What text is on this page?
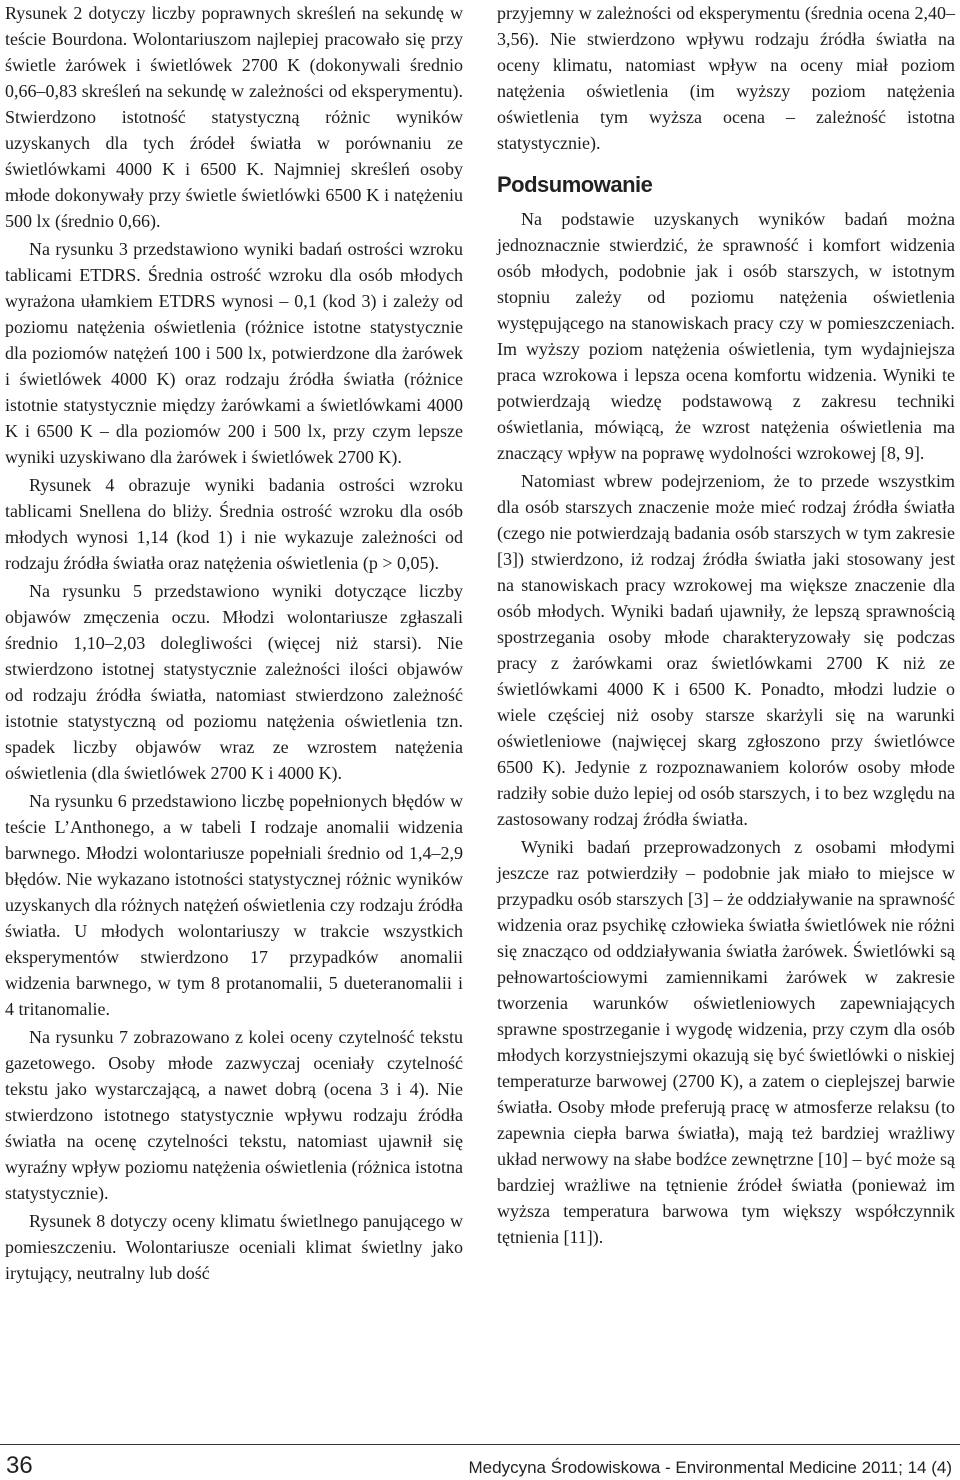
Rysunek 2 dotyczy liczby poprawnych skreśleń na sekundę w teście Bourdona. Wolontariuszom najlepiej pracowało się przy świetle żarówek i świetlówek 2700 K (dokonywali średnio 0,66–0,83 skreśleń na sekundę w zależności od eksperymentu). Stwierdzono istotność statystyczną różnic wyników uzyskanych dla tych źródeł światła w porównaniu ze świetlówkami 4000 K i 6500 K. Najmniej skreśleń osoby młode dokonywały przy świetle świetlówki 6500 K i natężeniu 500 lx (średnio 0,66).

Na rysunku 3 przedstawiono wyniki badań ostrości wzroku tablicami ETDRS. Średnia ostrość wzroku dla osób młodych wyrażona ułamkiem ETDRS wynosi – 0,1 (kod 3) i zależy od poziomu natężenia oświetlenia (różnice istotne statystycznie dla poziomów natężeń 100 i 500 lx, potwierdzone dla żarówek i świetlówek 4000 K) oraz rodzaju źródła światła (różnice istotnie statystycznie między żarówkami a świetlówkami 4000 K i 6500 K – dla poziomów 200 i 500 lx, przy czym lepsze wyniki uzyskiwano dla żarówek i świetlówek 2700 K).

Rysunek 4 obrazuje wyniki badania ostrości wzroku tablicami Snellena do bliży. Średnia ostrość wzroku dla osób młodych wynosi 1,14 (kod 1) i nie wykazuje zależności od rodzaju źródła światła oraz natężenia oświetlenia (p > 0,05).

Na rysunku 5 przedstawiono wyniki dotyczące liczby objawów zmęczenia oczu. Młodzi wolontariusze zgłaszali średnio 1,10–2,03 dolegliwości (więcej niż starsi). Nie stwierdzono istotnej statystycznie zależności ilości objawów od rodzaju źródła światła, natomiast stwierdzono zależność istotnie statystyczną od poziomu natężenia oświetlenia tzn. spadek liczby objawów wraz ze wzrostem natężenia oświetlenia (dla świetlówek 2700 K i 4000 K).

Na rysunku 6 przedstawiono liczbę popełnionych błędów w teście L’Anthonego, a w tabeli I rodzaje anomalii widzenia barwnego. Młodzi wolontariusze popełniali średnio od 1,4–2,9 błędów. Nie wykazano istotności statystycznej różnic wyników uzyskanych dla różnych natężeń oświetlenia czy rodzaju źródła światła. U młodych wolontariuszy w trakcie wszystkich eksperymentów stwierdzono 17 przypadków anomalii widzenia barwnego, w tym 8 protanomalii, 5 dueteranomalii i 4 tritanomalie.

Na rysunku 7 zobrazowano z kolei oceny czytelność tekstu gazetowego. Osoby młode zazwyczaj oceniały czytelność tekstu jako wystarczającą, a nawet dobrą (ocena 3 i 4). Nie stwierdzono istotnego statystycznie wpływu rodzaju źródła światła na ocenę czytelności tekstu, natomiast ujawnił się wyraźny wpływ poziomu natężenia oświetlenia (różnica istotna statystycznie).

Rysunek 8 dotyczy oceny klimatu świetlnego panującego w pomieszczeniu. Wolontariusze oceniali klimat świetlny jako irytujący, neutralny lub dość

przyjemny w zależności od eksperymentu (średnia ocena 2,40–3,56). Nie stwierdzono wpływu rodzaju źródła światła na oceny klimatu, natomiast wpływ na oceny miał poziom natężenia oświetlenia (im wyższy poziom natężenia oświetlenia tym wyższa ocena – zależność istotna statystycznie).

Podsumowanie

Na podstawie uzyskanych wyników badań można jednoznacznie stwierdzić, że sprawność i komfort widzenia osób młodych, podobnie jak i osób starszych, w istotnym stopniu zależy od poziomu natężenia oświetlenia występującego na stanowiskach pracy czy w pomieszczeniach. Im wyższy poziom natężenia oświetlenia, tym wydajniejsza praca wzrokowa i lepsza ocena komfortu widzenia. Wyniki te potwierdzają wiedzę podstawową z zakresu techniki oświetlania, mówiącą, że wzrost natężenia oświetlenia ma znaczący wpływ na poprawę wydolności wzrokowej [8, 9].

Natomiast wbrew podejrzeniom, że to przede wszystkim dla osób starszych znaczenie może mieć rodzaj źródła światła (czego nie potwierdzają badania osób starszych w tym zakresie [3]) stwierdzono, iż rodzaj źródła światła jaki stosowany jest na stanowiskach pracy wzrokowej ma większe znaczenie dla osób młodych. Wyniki badań ujawniły, że lepszą sprawnością spostrzegania osoby młode charakteryzowały się podczas pracy z żarówkami oraz świetlówkami 2700 K niż ze świetlówkami 4000 K i 6500 K. Ponadto, młodzi ludzie o wiele częściej niż osoby starsze skarżyli się na warunki oświetleniowe (najwięcej skarg zgłoszono przy świetlówce 6500 K). Jedynie z rozpoznawaniem kolorów osoby młode radziły sobie dużo lepiej od osób starszych, i to bez względu na zastosowany rodzaj źródła światła.

Wyniki badań przeprowadzonych z osobami młodymi jeszcze raz potwierdziły – podobnie jak miało to miejsce w przypadku osób starszych [3] – że oddziaływanie na sprawność widzenia oraz psychikę człowieka światła świetlówek nie różni się znacząco od oddziaływania światła żarówek. Świetlówki są pełnowartościowymi zamiennikami żarówek w zakresie tworzenia warunków oświetleniowych zapewniających sprawne spostrzeganie i wygodę widzenia, przy czym dla osób młodych korzystniejszymi okazują się być świetlówki o niskiej temperaturze barwowej (2700 K), a zatem o cieplejszej barwie światła. Osoby młode preferują pracę w atmosferze relaksu (to zapewnia ciepła barwa światła), mają też bardziej wrażliwy układ nerwowy na słabe bodźce zewnętrzne [10] – być może są bardziej wrażliwe na tętnienie źródeł światła (ponieważ im wyższa temperatura barwowa tym większy współczynnik tętnienia [11]).

36	Medycyna Środowiskowa - Environmental Medicine 2011; 14 (4)
